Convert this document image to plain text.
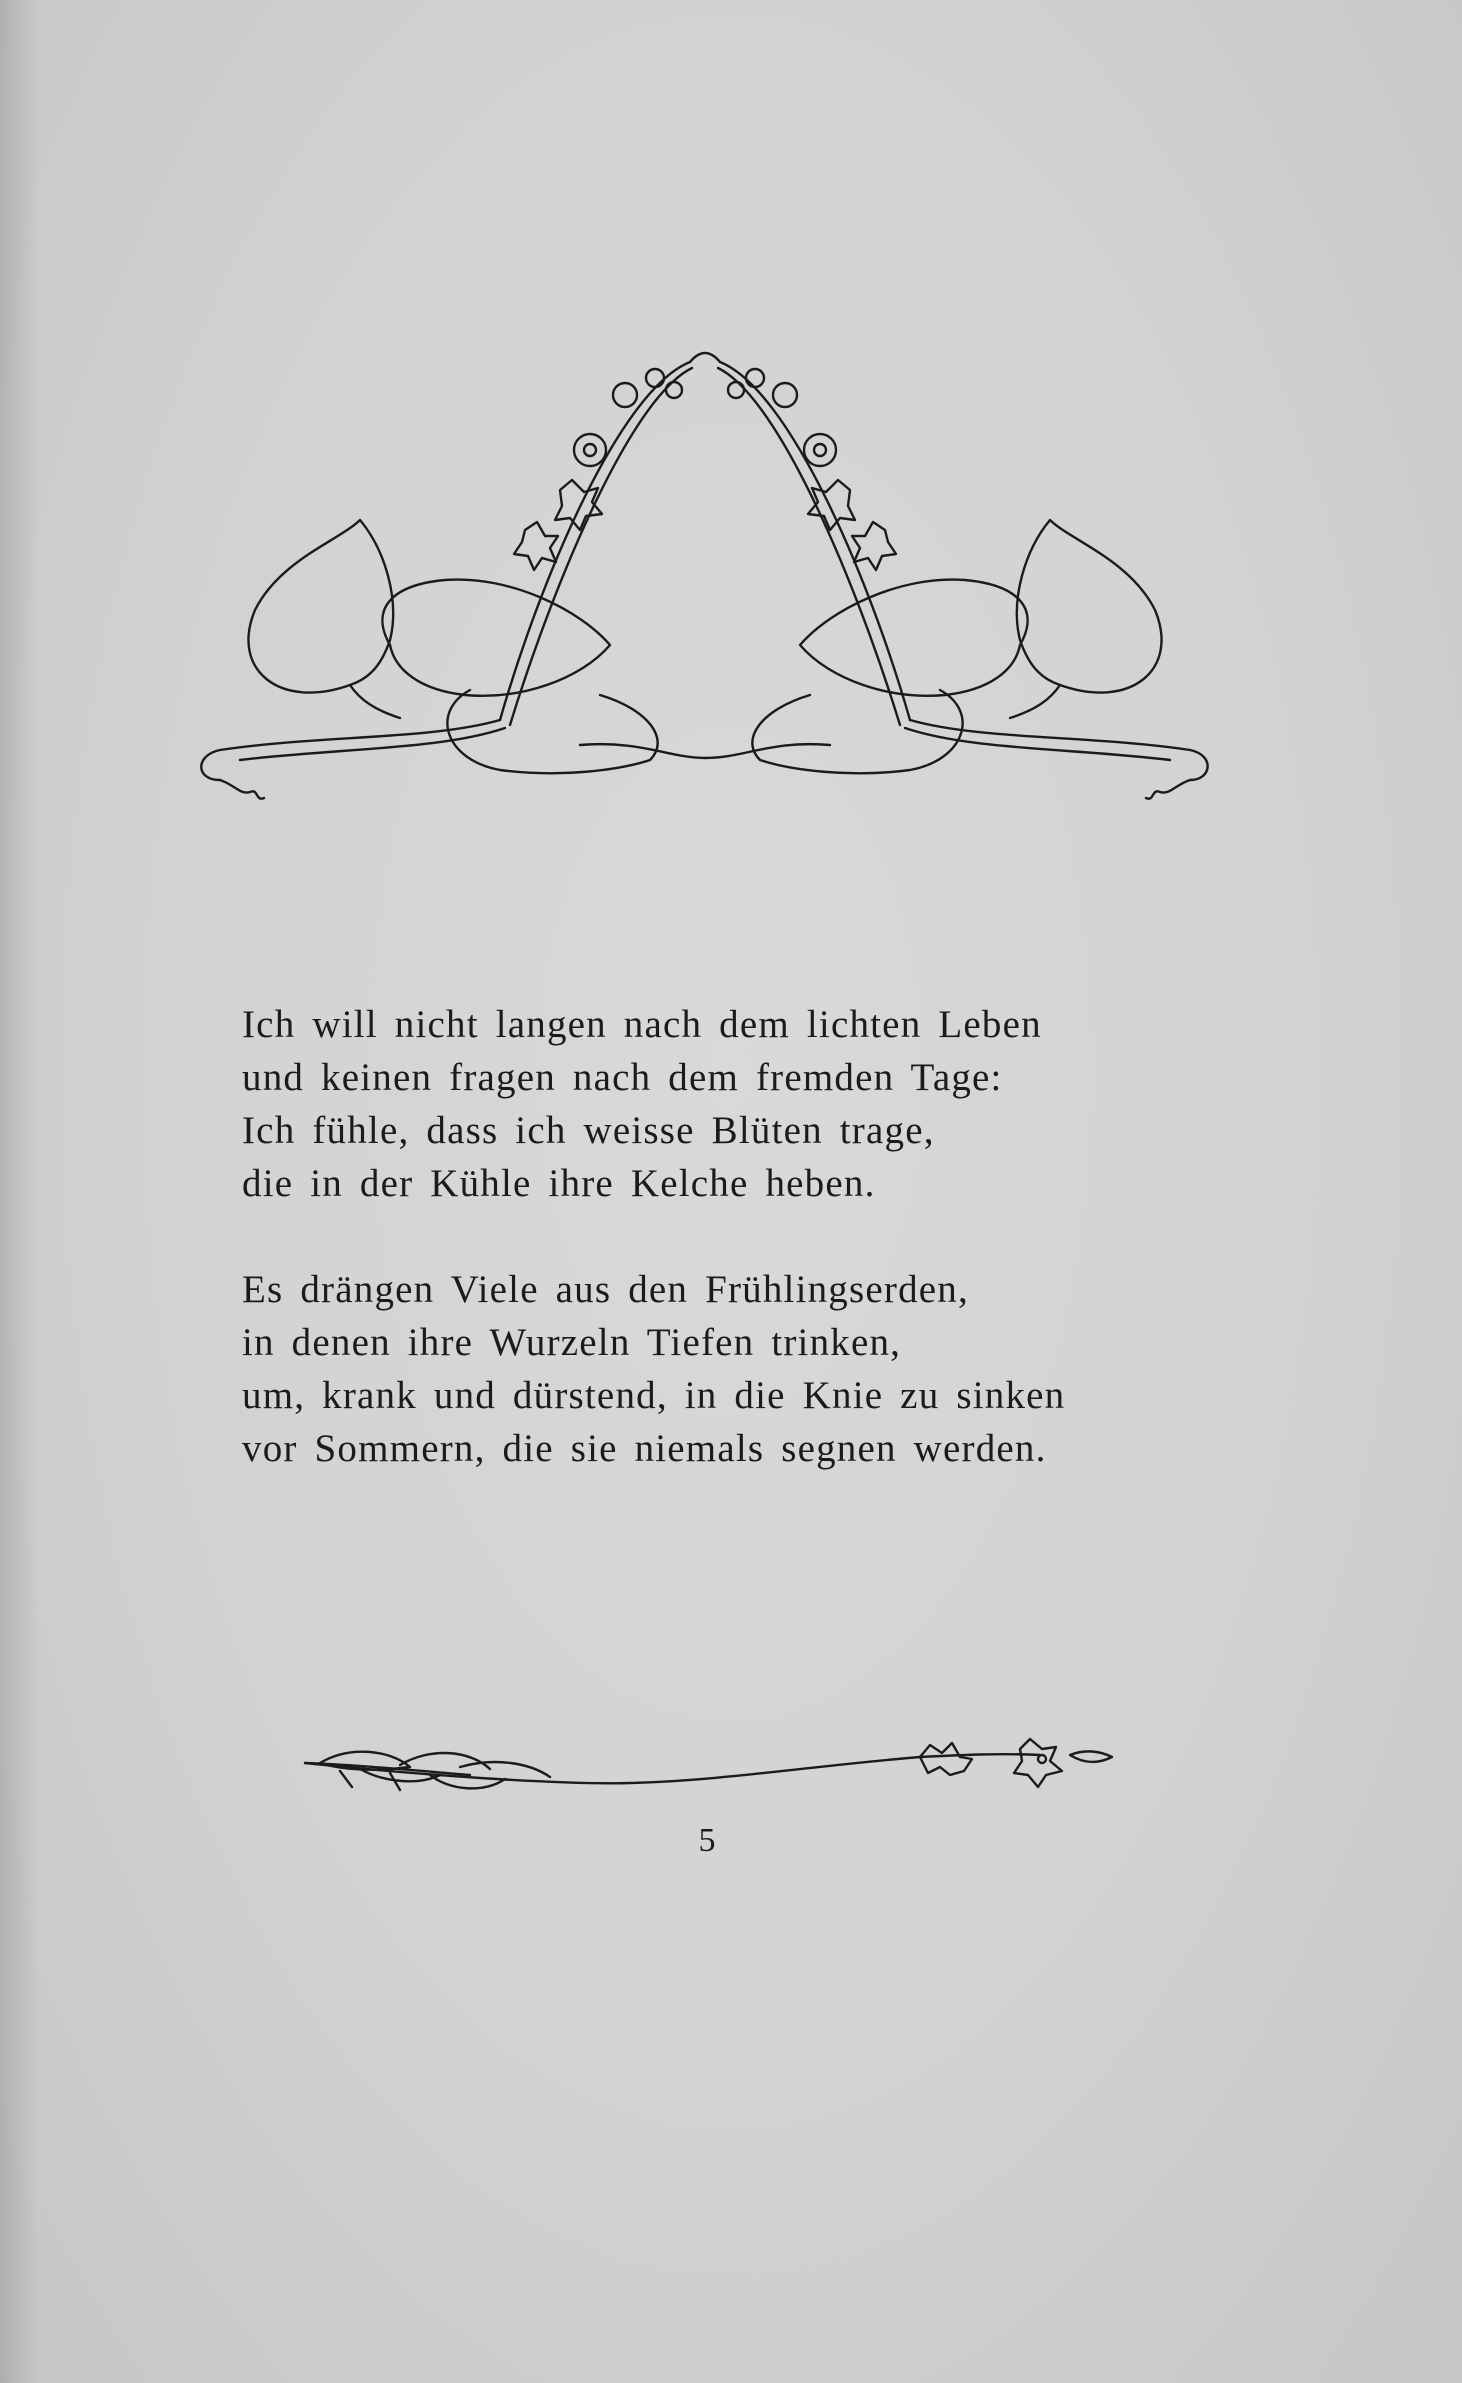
Ich will nicht langen nach dem lichten Leben
und keinen fragen nach dem fremden Tage:
Ich fühle, dass ich weisse Blüten trage,
die in der Kühle ihre Kelche heben.

Es drängen Viele aus den Frühlingserden,
in denen ihre Wurzeln Tiefen trinken,
um, krank und dürstend, in die Knie zu sinken
vor Sommern, die sie niemals segnen werden.

5
